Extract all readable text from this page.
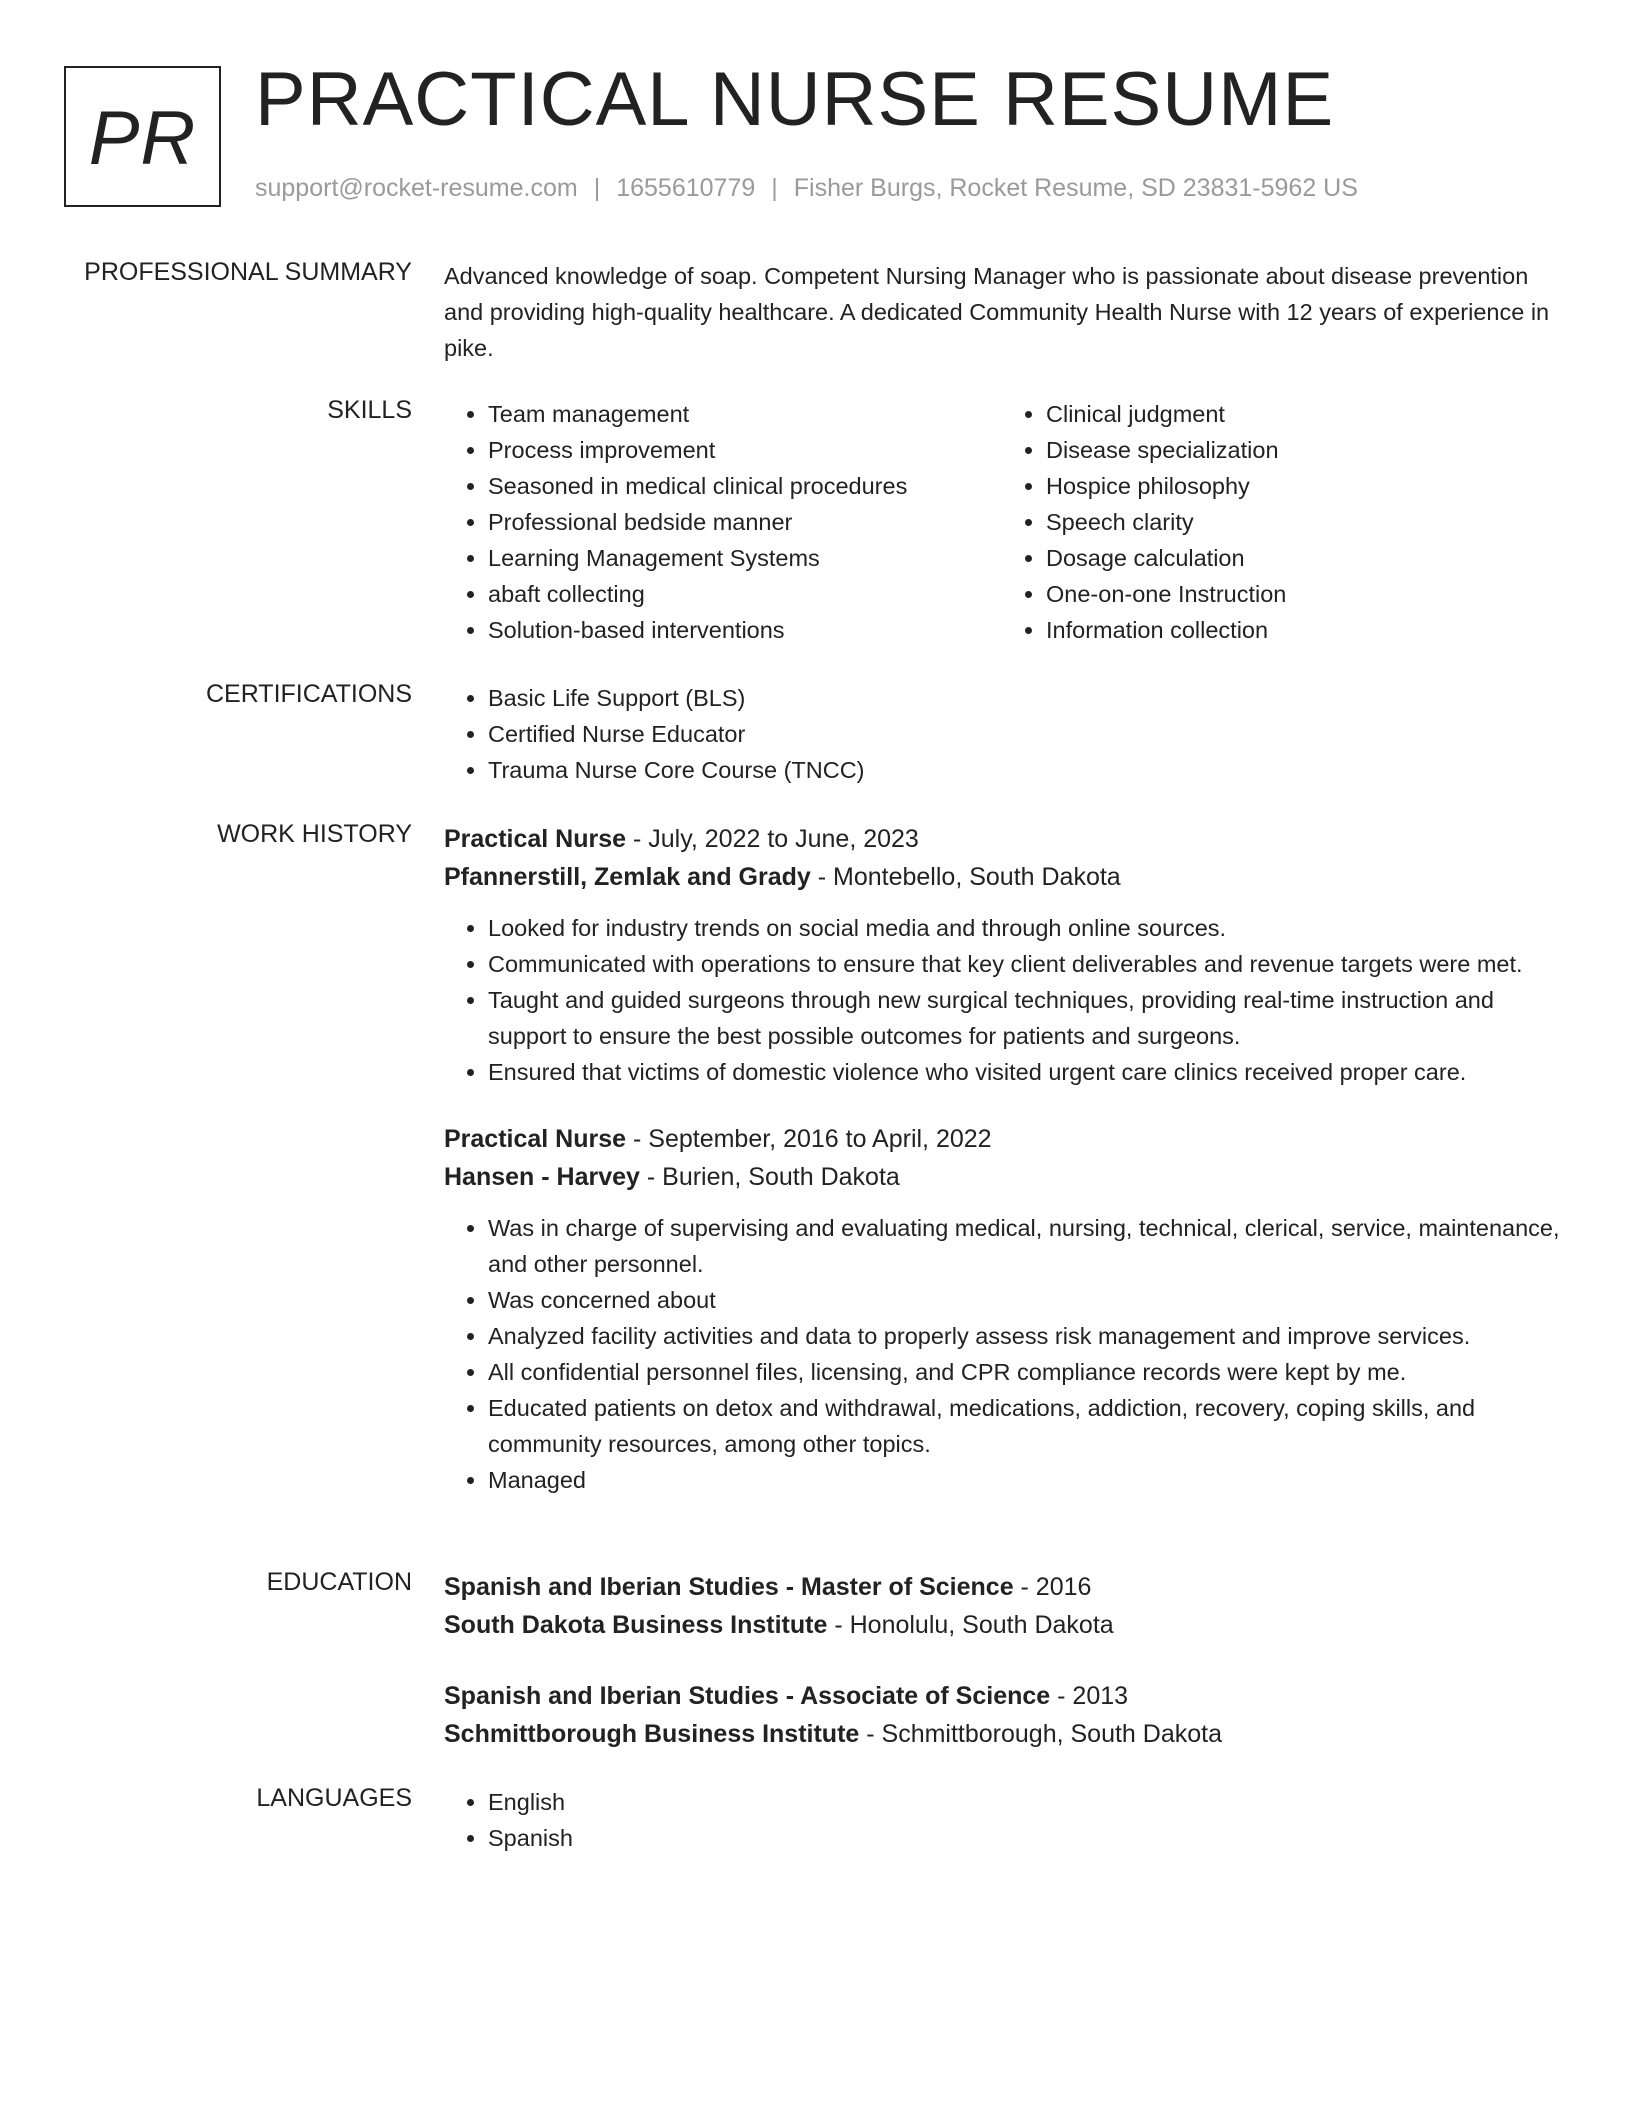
PR PRACTICAL NURSE RESUME
support@rocket-resume.com | 1655610779 | Fisher Burgs, Rocket Resume, SD 23831-5962 US
PROFESSIONAL SUMMARY Advanced knowledge of soap. Competent Nursing Manager who is passionate about disease prevention and providing high-quality healthcare. A dedicated Community Health Nurse with 12 years of experience in pike.

SKILLS	• Team management
• Process improvement
• Seasoned in medical clinical procedures
• Professional bedside manner
• Learning Management Systems
• abaft collecting
• Solution-based interventions
• Clinical judgment
• Disease specialization
• Hospice philosophy
• Speech clarity
• Dosage calculation
• One-on-one Instruction
• Information collection
CERTIFICATIONS	• Basic Life Support (BLS)
• Certified Nurse Educator
• Trauma Nurse Core Course (TNCC)
WORK HISTORY Practical Nurse - July, 2022 to June, 2023
Pfannerstill, Zemlak and Grady - Montebello, South Dakota
• Looked for industry trends on social media and through online sources.
• Communicated with operations to ensure that key client deliverables and revenue targets were met.
• Taught and guided surgeons through new surgical techniques, providing real-time instruction and support to ensure the best possible outcomes for patients and surgeons.
• Ensured that victims of domestic violence who visited urgent care clinics received proper care.
Practical Nurse - September, 2016 to April, 2022
Hansen - Harvey - Burien, South Dakota
• Was in charge of supervising and evaluating medical, nursing, technical, clerical, service, maintenance, and other personnel.
• Was concerned about
• Analyzed facility activities and data to properly assess risk management and improve services.
• All confidential personnel files, licensing, and CPR compliance records were kept by me.
• Educated patients on detox and withdrawal, medications, addiction, recovery, coping skills, and community resources, among other topics.
• Managed
EDUCATION Spanish and Iberian Studies - Master of Science - 2016
South Dakota Business Institute - Honolulu, South Dakota
Spanish and Iberian Studies - Associate of Science - 2013
Schmittborough Business Institute - Schmittborough, South Dakota
LANGUAGES	• English
• Spanish
